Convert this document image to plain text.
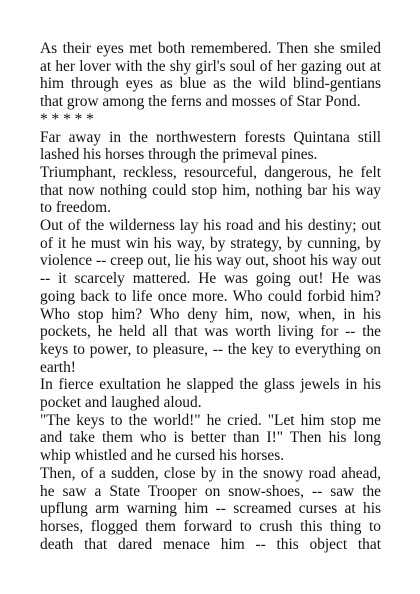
As their eyes met both remembered. Then she smiled at her lover with the shy girl's soul of her gazing out at him through eyes as blue as the wild blind-gentians that grow among the ferns and mosses of Star Pond.

* * * * *

Far away in the northwestern forests Quintana still lashed his horses through the primeval pines.

Triumphant, reckless, resourceful, dangerous, he felt that now nothing could stop him, nothing bar his way to freedom.

Out of the wilderness lay his road and his destiny; out of it he must win his way, by strategy, by cunning, by violence -- creep out, lie his way out, shoot his way out -- it scarcely mattered. He was going out! He was going back to life once more. Who could forbid him? Who stop him? Who deny him, now, when, in his pockets, he held all that was worth living for -- the keys to power, to pleasure, -- the key to everything on earth!

In fierce exultation he slapped the glass jewels in his pocket and laughed aloud.

"The keys to the world!" he cried. "Let him stop me and take them who is better than I!" Then his long whip whistled and he cursed his horses.

Then, of a sudden, close by in the snowy road ahead, he saw a State Trooper on snow-shoes, -- saw the upflung arm warning him -- screamed curses at his horses, flogged them forward to crush this thing to death that dared menace him -- this object that
